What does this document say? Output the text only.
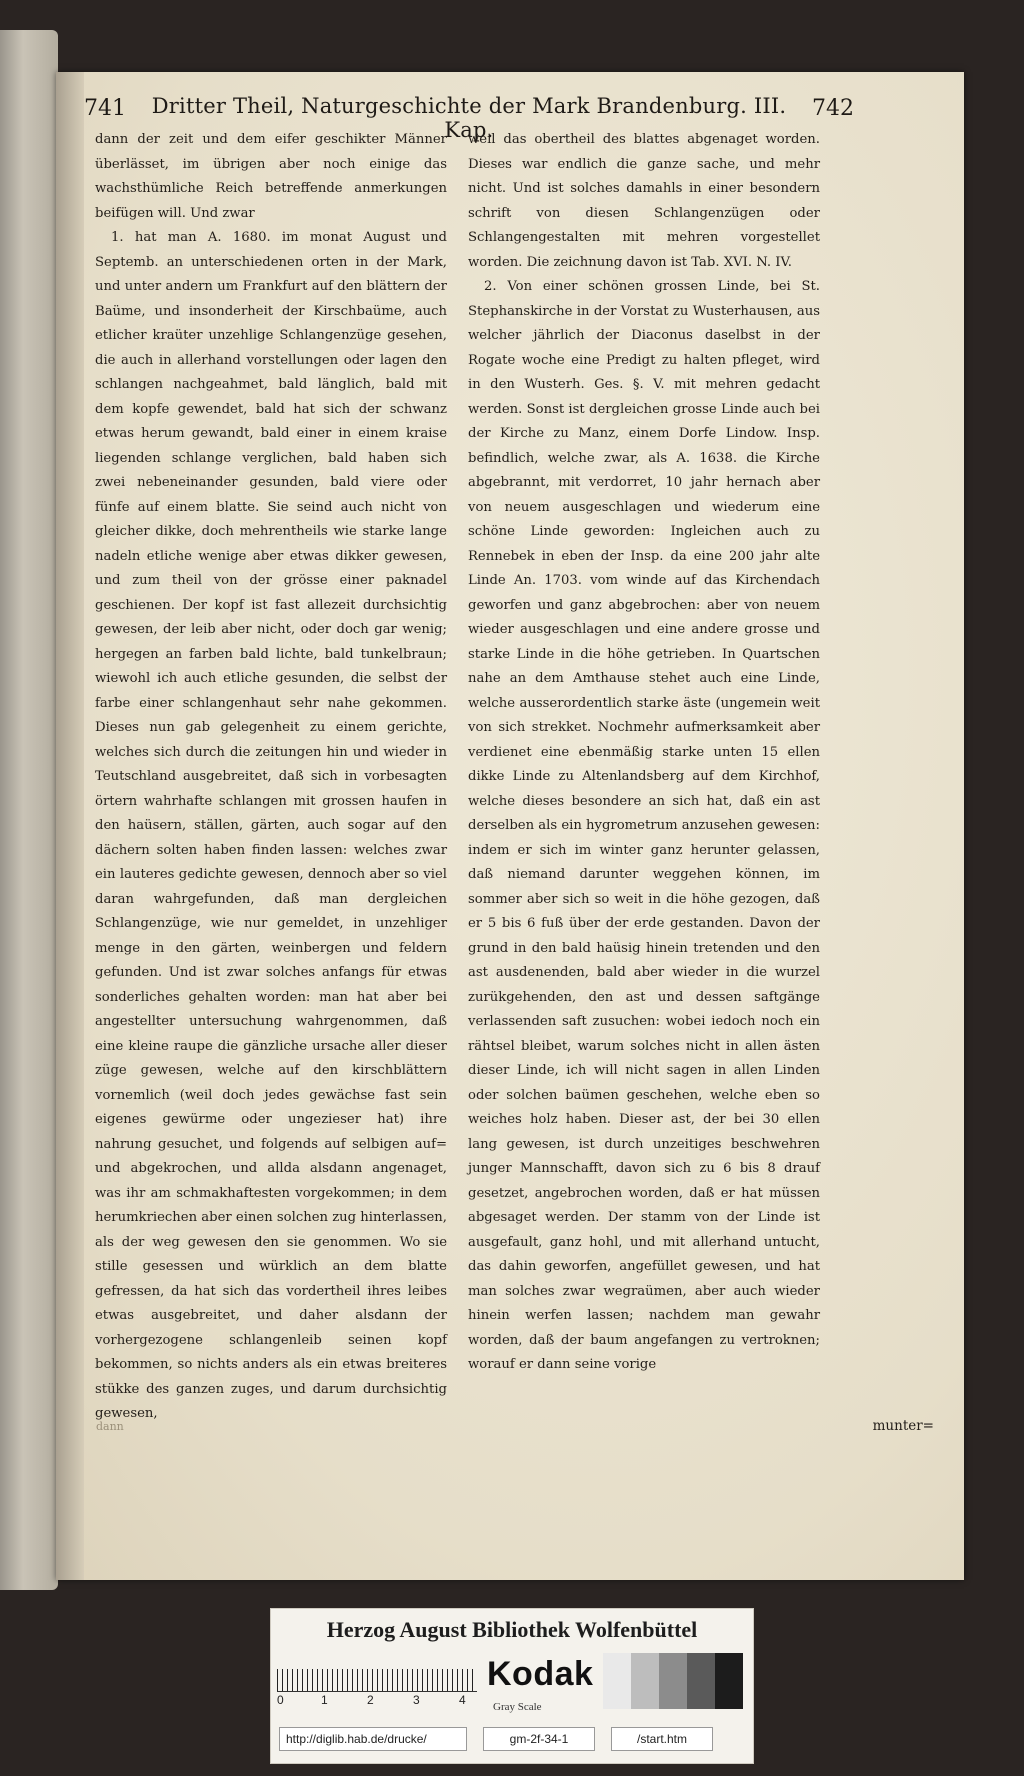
741	Dritter Theil, Naturgeschichte der Mark Brandenburg. III. Kap.
742

dann der zeit und dem eifer geschikter Männer überlässet, im übrigen aber noch einige das wachsthümliche Reich betreffende anmerkungen beifügen will. Und zwar

1. hat man A. 1680. im monat August und Septemb. an unterschiedenen orten in der Mark, und unter andern um Frankfurt auf den blättern der Baüme, und insonderheit der Kirschbaüme, auch etlicher kraüter unzehlige Schlangenzüge gesehen, die auch in allerhand vorstellungen oder lagen den schlangen nachgeahmet, bald länglich, bald mit dem kopfe gewendet, bald hat sich der schwanz etwas herum gewandt, bald einer in einem kraise liegenden schlange verglichen, bald haben sich zwei nebeneinander gesunden, bald viere oder fünfe auf einem blatte. Sie seind auch nicht von gleicher dikke, doch mehrentheils wie starke lange nadeln etliche wenige aber etwas dikker gewesen, und zum theil von der grösse einer paknadel geschienen. Der kopf ist fast allezeit durchsichtig gewesen, der leib aber nicht, oder doch gar wenig; hergegen an farben bald lichte, bald tunkelbraun; wiewohl ich auch etliche gesunden, die selbst der farbe einer schlangenhaut sehr nahe gekommen. Dieses nun gab gelegenheit zu einem gerichte, welches sich durch die zeitungen hin und wieder in Teutschland ausgebreitet, daß sich in vorbesagten örtern wahrhafte schlangen mit grossen haufen in den haüsern, ställen, gärten, auch sogar auf den dächern solten haben finden lassen: welches zwar ein lauteres gedichte gewesen, dennoch aber so viel daran wahrgefunden, daß man dergleichen Schlangenzüge, wie nur gemeldet, in unzehliger menge in den gärten, weinbergen und feldern gefunden. Und ist zwar solches anfangs für etwas sonderliches gehalten worden: man hat aber bei angestellter untersuchung wahrgenommen, daß eine kleine raupe die gänzliche ursache aller dieser züge gewesen, welche auf den kirschblättern vornemlich (weil doch jedes gewächse fast sein eigenes gewürme oder ungezieser hat) ihre nahrung gesuchet, und folgends auf selbigen auf= und abgekrochen, und allda alsdann angenaget, was ihr am schmakhaftesten vorgekommen; in dem herumkriechen aber einen solchen zug hinterlassen, als der weg gewesen den sie genommen. Wo sie stille gesessen und würklich an dem blatte gefressen, da hat sich das vordertheil ihres leibes etwas ausgebreitet, und daher alsdann der vorhergezogene schlangenleib seinen kopf bekommen, so nichts anders als ein etwas breiteres stükke des ganzen zuges, und darum durchsichtig gewesen,

weil das obertheil des blattes abgenaget worden. Dieses war endlich die ganze sache, und mehr nicht. Und ist solches damahls in einer besondern schrift von diesen Schlangenzügen oder Schlangengestalten mit mehren vorgestellet worden. Die zeichnung davon ist Tab. XVI. N. IV.

2. Von einer schönen grossen Linde, bei St. Stephanskirche in der Vorstat zu Wusterhausen, aus welcher jährlich der Diaconus daselbst in der Rogate woche eine Predigt zu halten pfleget, wird in den Wusterh. Ges. §. V. mit mehren gedacht werden. Sonst ist dergleichen grosse Linde auch bei der Kirche zu Manz, einem Dorfe Lindow. Insp. befindlich, welche zwar, als A. 1638. die Kirche abgebrannt, mit verdorret, 10 jahr hernach aber von neuem ausgeschlagen und wiederum eine schöne Linde geworden: Ingleichen auch zu Rennebek in eben der Insp. da eine 200 jahr alte Linde An. 1703. vom winde auf das Kirchendach geworfen und ganz abgebrochen: aber von neuem wieder ausgeschlagen und eine andere grosse und starke Linde in die höhe getrieben. In Quartschen nahe an dem Amthause stehet auch eine Linde, welche ausserordentlich starke äste (ungemein weit von sich strekket. Nochmehr aufmerksamkeit aber verdienet eine ebenmäßig starke unten 15 ellen dikke Linde zu Altenlandsberg auf dem Kirchhof, welche dieses besondere an sich hat, daß ein ast derselben als ein hygrometrum anzusehen gewesen: indem er sich im winter ganz herunter gelassen, daß niemand darunter weggehen können, im sommer aber sich so weit in die höhe gezogen, daß er 5 bis 6 fuß über der erde gestanden. Davon der grund in den bald haüsig hinein tretenden und den ast ausdenenden, bald aber wieder in die wurzel zurükgehenden, den ast und dessen saftgänge verlassenden saft zusuchen: wobei iedoch noch ein rähtsel bleibet, warum solches nicht in allen ästen dieser Linde, ich will nicht sagen in allen Linden oder solchen baümen geschehen, welche eben so weiches holz haben. Dieser ast, der bei 30 ellen lang gewesen, ist durch unzeitiges beschwehren junger Mannschafft, davon sich zu 6 bis 8 drauf gesetzet, angebrochen worden, daß er hat müssen abgesaget werden. Der stamm von der Linde ist ausgefault, ganz hohl, und mit allerhand untucht, das dahin geworfen, angefüllet gewesen, und hat man solches zwar wegraümen, aber auch wieder hinein werfen lassen; nachdem man gewahr worden, daß der baum angefangen zu vertroknen; worauf er dann seine vorige

dann	munter=
Herzog August Bibliothek Wolfenbüttel
0	1	2	3	4
Kodak
Gray Scale
http://diglib.hab.de/drucke/	gm-2f-34-1	/start.htm
